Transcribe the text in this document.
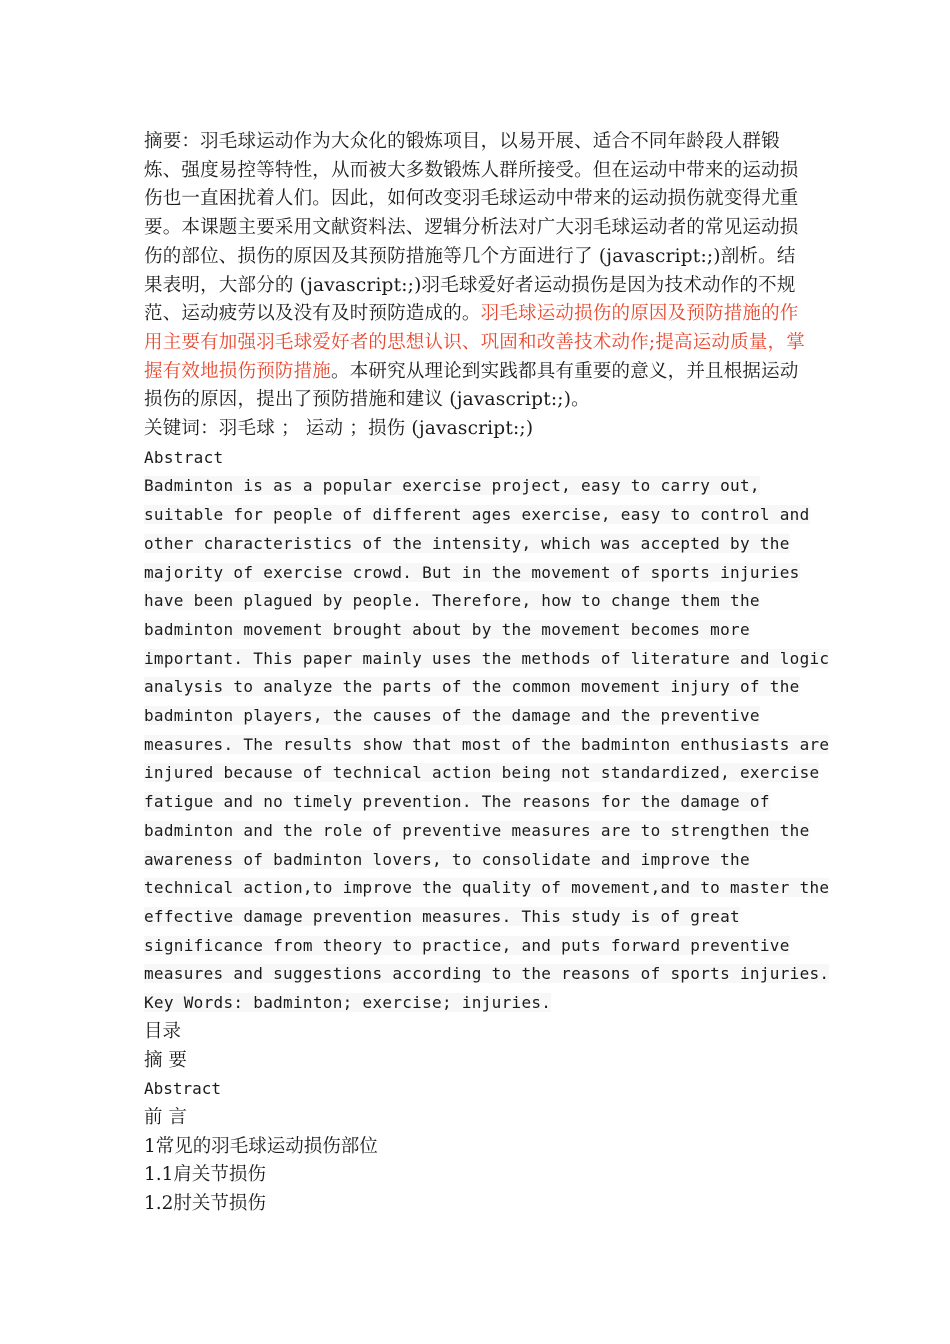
摘要：羽毛球运动作为大众化的锻炼项目，以易开展、适合不同年龄段人群锻炼、强度易控等特性，从而被大多数锻炼人群所接受。但在运动中带来的运动损伤也一直困扰着人们。因此，如何改变羽毛球运动中带来的运动损伤就变得尤重要。本课题主要采用文献资料法、逻辑分析法对广大羽毛球运动者的常见运动损伤的部位、损伤的原因及其预防措施等几个方面进行了 (javascript:;)剖析。结果表明，大部分的 (javascript:;)羽毛球爱好者运动损伤是因为技术动作的不规范、运动疲劳以及没有及时预防造成的。羽毛球运动损伤的原因及预防措施的作用主要有加强羽毛球爱好者的思想认识、巩固和改善技术动作;提高运动质量，掌握有效地损伤预防措施。本研究从理论到实践都具有重要的意义，并且根据运动损伤的原因，提出了预防措施和建议 (javascript:;)。

关键词：羽毛球 ； 运动 ；损伤 (javascript:;)

Abstract
Badminton is as a popular exercise project, easy to carry out,
suitable for people of different ages exercise, easy to control and
other characteristics of the intensity, which was accepted by the
majority of exercise crowd. But in the movement of sports injuries
have been plagued by people. Therefore, how to change them the
badminton movement brought about by the movement becomes more
important. This paper mainly uses the methods of literature and logic
analysis to analyze the parts of the common movement injury of the
badminton players, the causes of the damage and the preventive
measures. The results show that most of the badminton enthusiasts are
injured because of technical action being not standardized, exercise
fatigue and no timely prevention. The reasons for the damage of
badminton and the role of preventive measures are to strengthen the
awareness of badminton lovers, to consolidate and improve the
technical action,to improve the quality of movement,and to master the
effective damage prevention measures. This study is of great
significance from theory to practice, and puts forward preventive
measures and suggestions according to the reasons of sports injuries.
Key Words: badminton; exercise; injuries.
目录
摘 要
Abstract
前 言
1常见的羽毛球运动损伤部位
1.1肩关节损伤
1.2肘关节损伤
